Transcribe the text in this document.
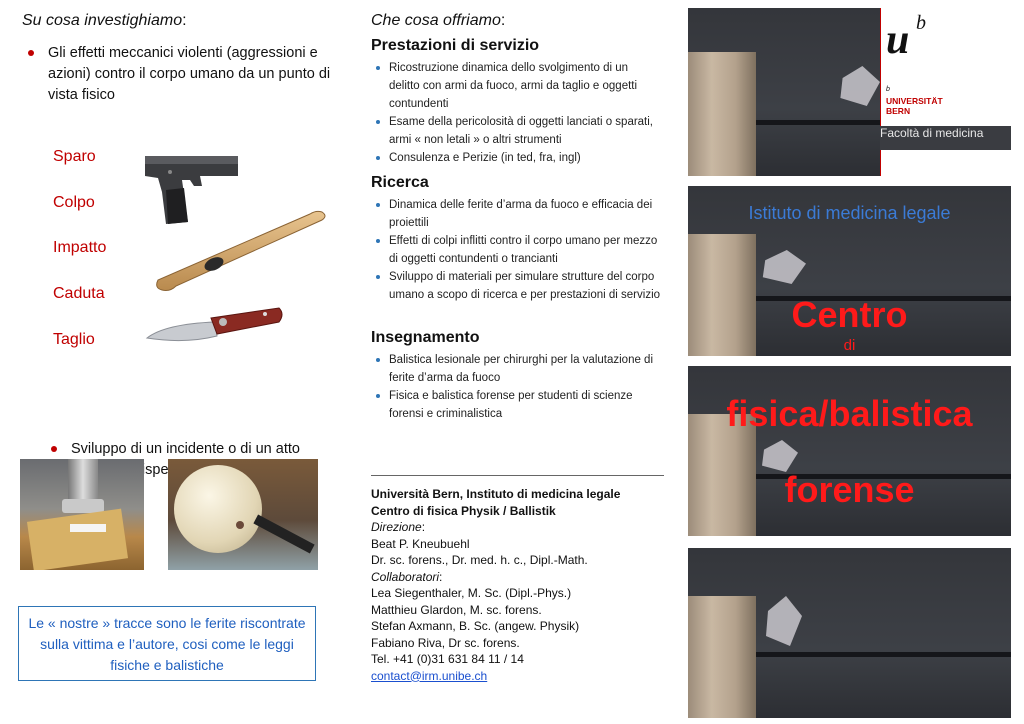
Su cosa investighiamo:
Gli effetti meccanici violenti (aggressioni e azioni) contro il corpo umano da un punto di vista fisico
Sparo
Colpo
Impatto
Caduta
Taglio
Sviluppo di un incidente o di un atto rispetto
Le « nostre » tracce sono le ferite riscontrate sulla vittima e l’autore, cosi come le leggi fisiche e balistiche
Che cosa offriamo:
Prestazioni di servizio
Ricostruzione dinamica dello svolgimento di un delitto con armi da fuoco, armi da taglio e oggetti contundenti
Esame della pericolosità di oggetti lanciati o sparati, armi « non letali » o altri strumenti
Consulenza e Perizie (in ted, fra, ingl)
Ricerca
Dinamica delle ferite d’arma da fuoco e efficacia dei proiettili
Effetti di colpi inflitti contro il corpo umano per mezzo di oggetti contundenti o trancianti
Sviluppo di materiali per simulare strutture del corpo umano a scopo di ricerca e per prestazioni di servizio
Insegnamento
Balistica lesionale per chirurghi per la valutazione di ferite d’arma da fuoco
Fisica e balistica forense per studenti di scienze forensi e criminalistica
Università Bern, Instituto di medicina legale
Centro di fisica Physik / Ballistik
Direzione:
Beat P. Kneubuehl
Dr. sc. forens., Dr. med. h. c., Dipl.-Math.
Collaboratori:
Lea Siegenthaler, M. Sc. (Dipl.-Phys.)
Matthieu Glardon, M. sc. forens.
Stefan Axmann, B. Sc. (angew. Physik)
Fabiano Riva, Dr sc. forens.
Tel. +41 (0)31 631 84 11 / 14
contact@irm.unibe.ch
u b
b
UNIVERSITÄT
BERN
Facoltà di medicina
Istituto di medicina legale
Centro
di
fisica/balistica
forense
